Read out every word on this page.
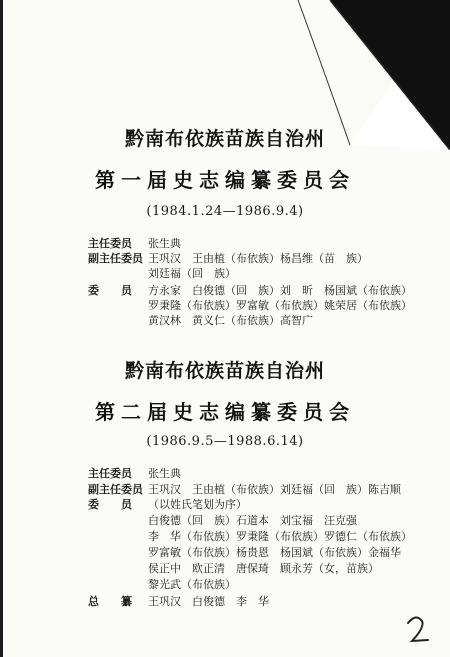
黔南布依族苗族自治州
第一届史志编纂委员会
(1984.1.24—1986.9.4)
主任委员 张生典
副主任委员 王巩汉　王由植（布依族）杨昌维（苗　族）
刘廷福（回　族）
委员
方永家　白俊德（回　族）刘　昕　杨国斌（布依族）
罗秉隆（布依族）罗富敏（布依族）姚荣居（布依族）
黄汉林　黄义仁（布依族）高智广
黔南布依族苗族自治州
第二届史志编纂委员会
(1986.9.5—1988.6.14)
主任委员 张生典
副主任委员 王巩汉　王由植（布依族）刘廷福（回　族）陈吉顺
委员
（以姓氏笔划为序）
白俊德（回　族）石道本　刘宝福　汪克强
李　华（布依族）罗秉隆（布依族）罗德仁（布依族）
罗富敏（布依族）杨贵恩　杨国斌（布依族）金福华
侯正中　欧正清　唐保琦　顾永芳（女，苗族）
黎光武（布依族）
总纂
王巩汉　白俊德　李　华
